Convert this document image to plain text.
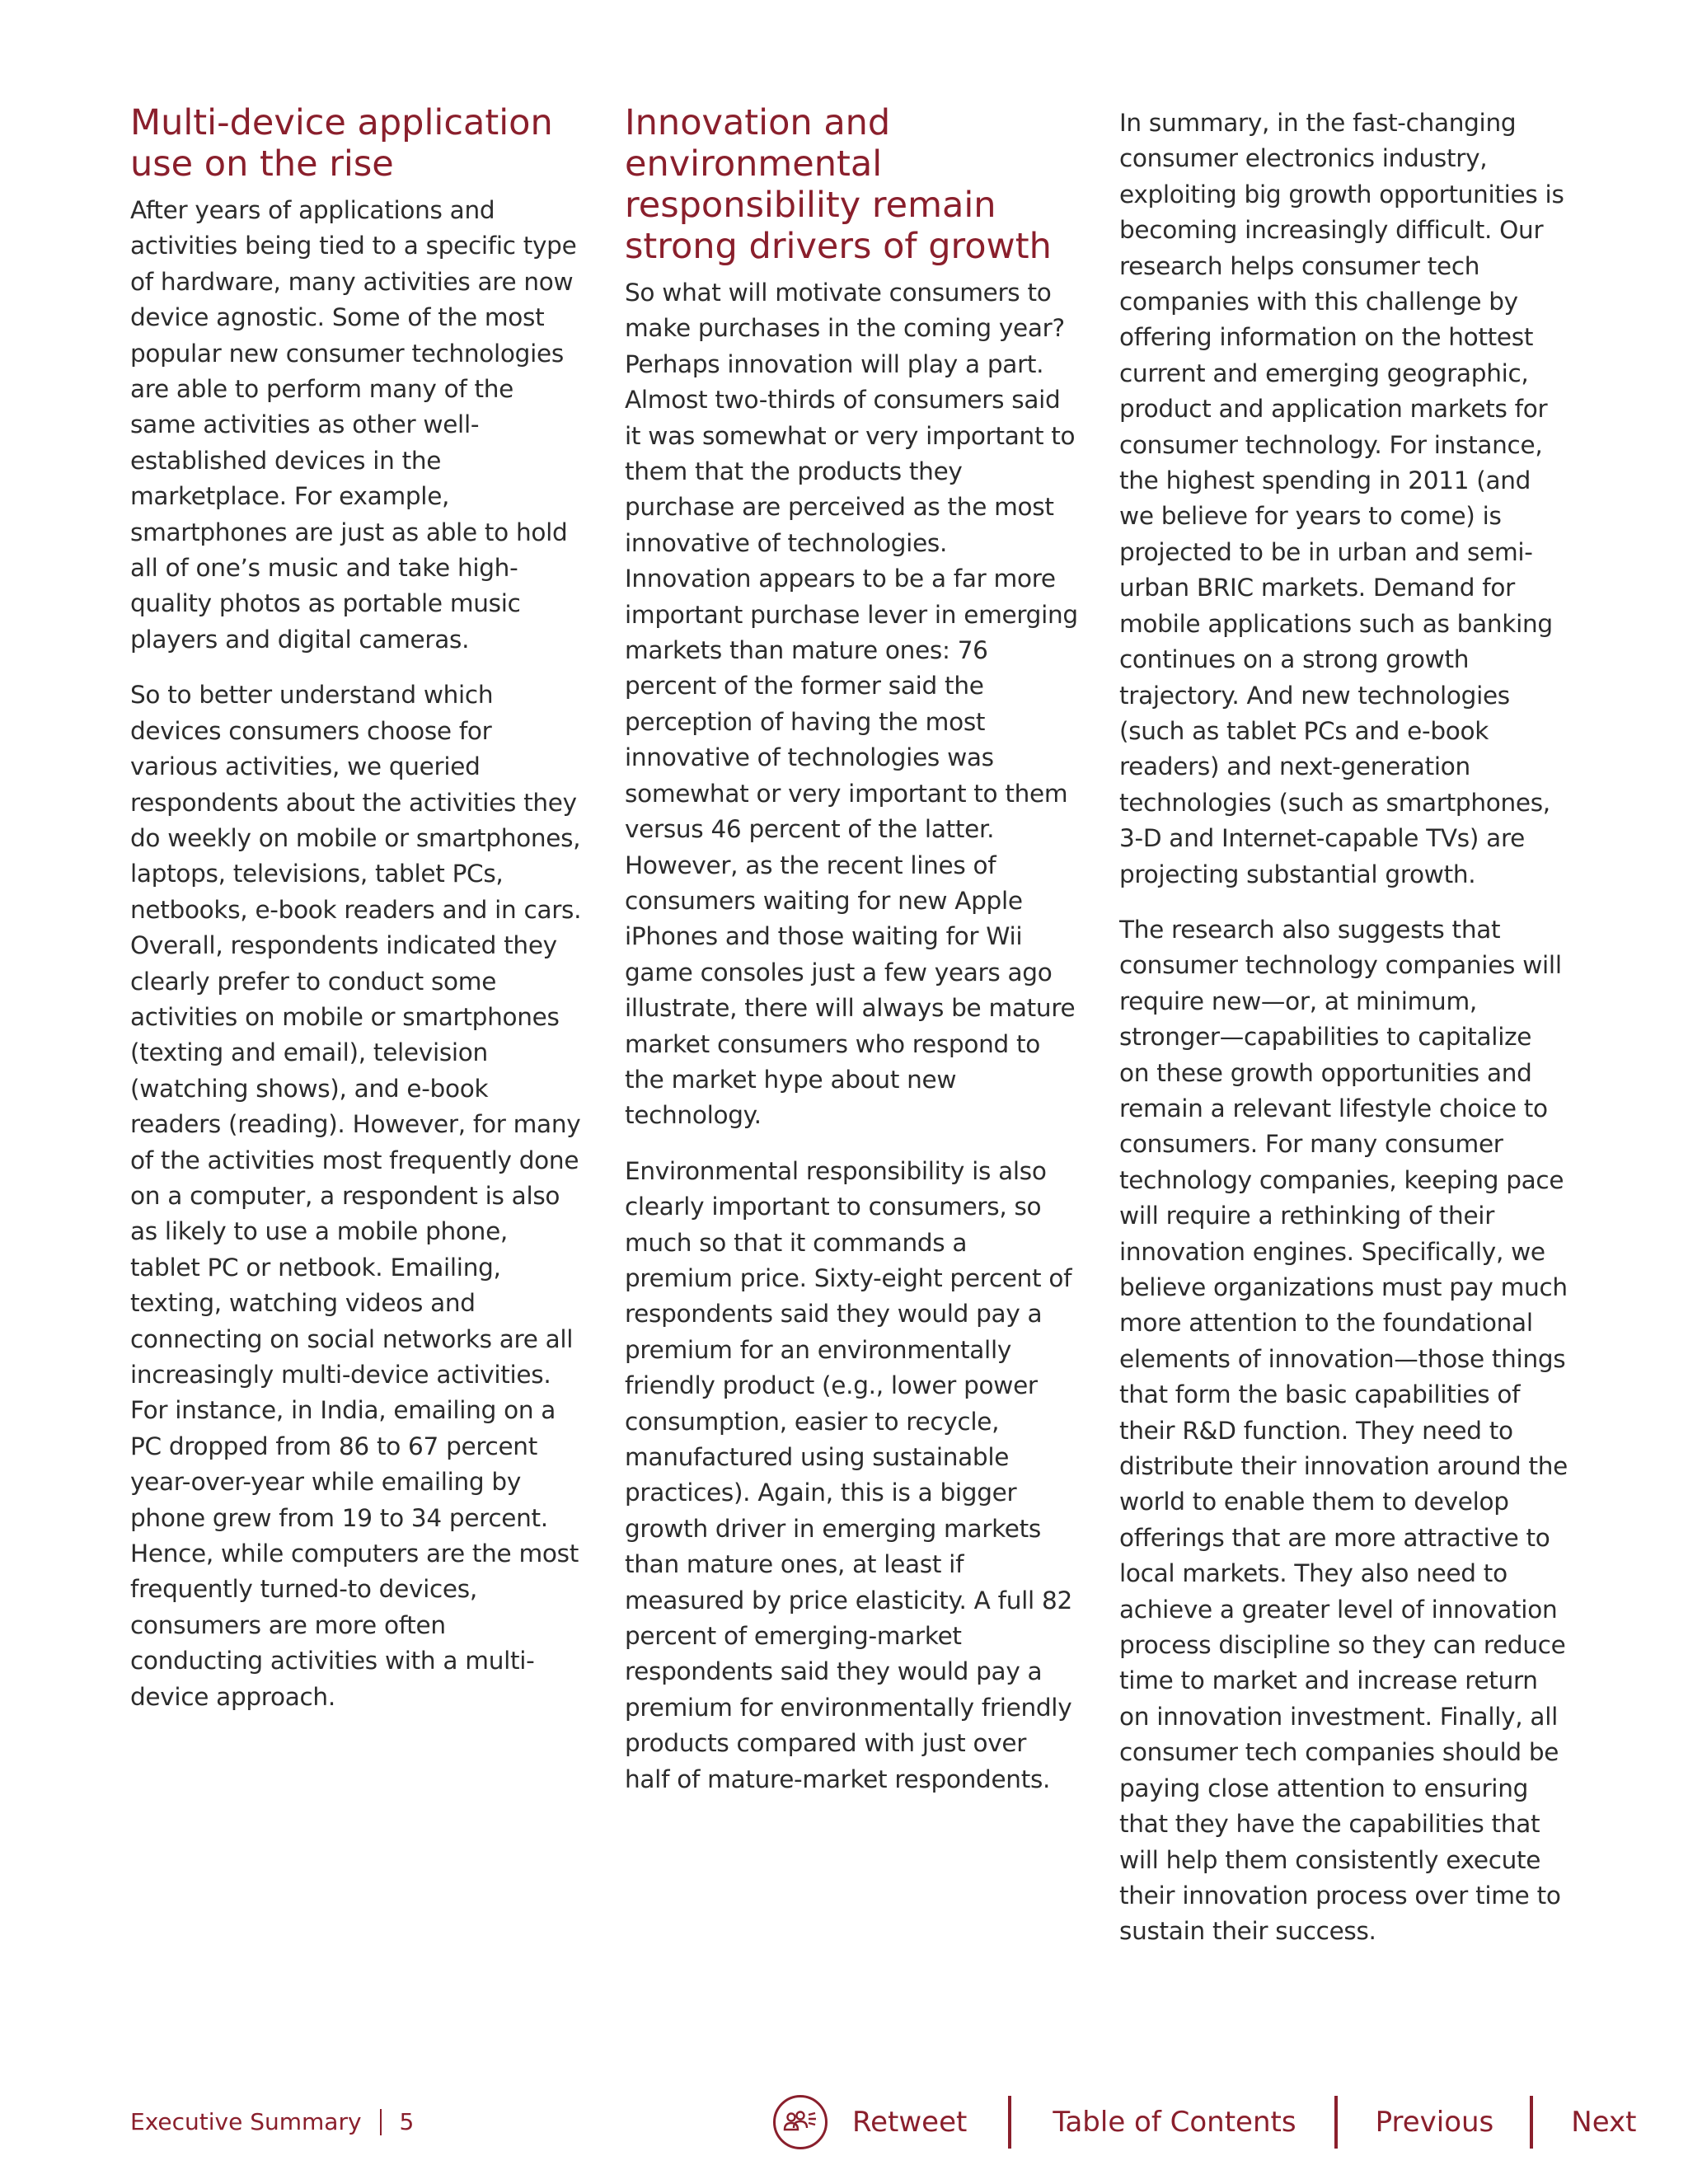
Multi-device application use on the rise

After years of applications and activities being tied to a specific type of hardware, many activities are now device agnostic. Some of the most popular new consumer technologies are able to perform many of the same activities as other well-established devices in the marketplace. For example, smartphones are just as able to hold all of one’s music and take high-quality photos as portable music players and digital cameras.

So to better understand which devices consumers choose for various activities, we queried respondents about the activities they do weekly on mobile or smartphones, laptops, televisions, tablet PCs, netbooks, e-book readers and in cars. Overall, respondents indicated they clearly prefer to conduct some activities on mobile or smartphones (texting and email), television (watching shows), and e-book readers (reading). However, for many of the activities most frequently done on a computer, a respondent is also as likely to use a mobile phone, tablet PC or netbook. Emailing, texting, watching videos and connecting on social networks are all increasingly multi-device activities. For instance, in India, emailing on a PC dropped from 86 to 67 percent year-over-year while emailing by phone grew from 19 to 34 percent. Hence, while computers are the most frequently turned-to devices, consumers are more often conducting activities with a multi-device approach.

Innovation and environmental responsibility remain strong drivers of growth

So what will motivate consumers to make purchases in the coming year? Perhaps innovation will play a part. Almost two-thirds of consumers said it was somewhat or very important to them that the products they purchase are perceived as the most innovative of technologies. Innovation appears to be a far more important purchase lever in emerging markets than mature ones: 76 percent of the former said the perception of having the most innovative of technologies was somewhat or very important to them versus 46 percent of the latter. However, as the recent lines of consumers waiting for new Apple iPhones and those waiting for Wii game consoles just a few years ago illustrate, there will always be mature market consumers who respond to the market hype about new technology.

Environmental responsibility is also clearly important to consumers, so much so that it commands a premium price. Sixty-eight percent of respondents said they would pay a premium for an environmentally friendly product (e.g., lower power consumption, easier to recycle, manufactured using sustainable practices). Again, this is a bigger growth driver in emerging markets than mature ones, at least if measured by price elasticity. A full 82 percent of emerging-market respondents said they would pay a premium for environmentally friendly products compared with just over half of mature-market respondents.

In summary, in the fast-changing consumer electronics industry, exploiting big growth opportunities is becoming increasingly difficult. Our research helps consumer tech companies with this challenge by offering information on the hottest current and emerging geographic, product and application markets for consumer technology. For instance, the highest spending in 2011 (and we believe for years to come) is projected to be in urban and semi-urban BRIC markets. Demand for mobile applications such as banking continues on a strong growth trajectory. And new technologies (such as tablet PCs and e-book readers) and next-generation technologies (such as smartphones, 3-D and Internet-capable TVs) are projecting substantial growth.

The research also suggests that consumer technology companies will require new—or, at minimum, stronger—capabilities to capitalize on these growth opportunities and remain a relevant lifestyle choice to consumers. For many consumer technology companies, keeping pace will require a rethinking of their innovation engines. Specifically, we believe organizations must pay much more attention to the foundational elements of innovation—those things that form the basic capabilities of their R&D function. They need to distribute their innovation around the world to enable them to develop offerings that are more attractive to local markets. They also need to achieve a greater level of innovation process discipline so they can reduce time to market and increase return on innovation investment. Finally, all consumer tech companies should be paying close attention to ensuring that they have the capabilities that will help them consistently execute their innovation process over time to sustain their success.

Executive Summary 5	Retweet	Table of Contents	Previous	Next
